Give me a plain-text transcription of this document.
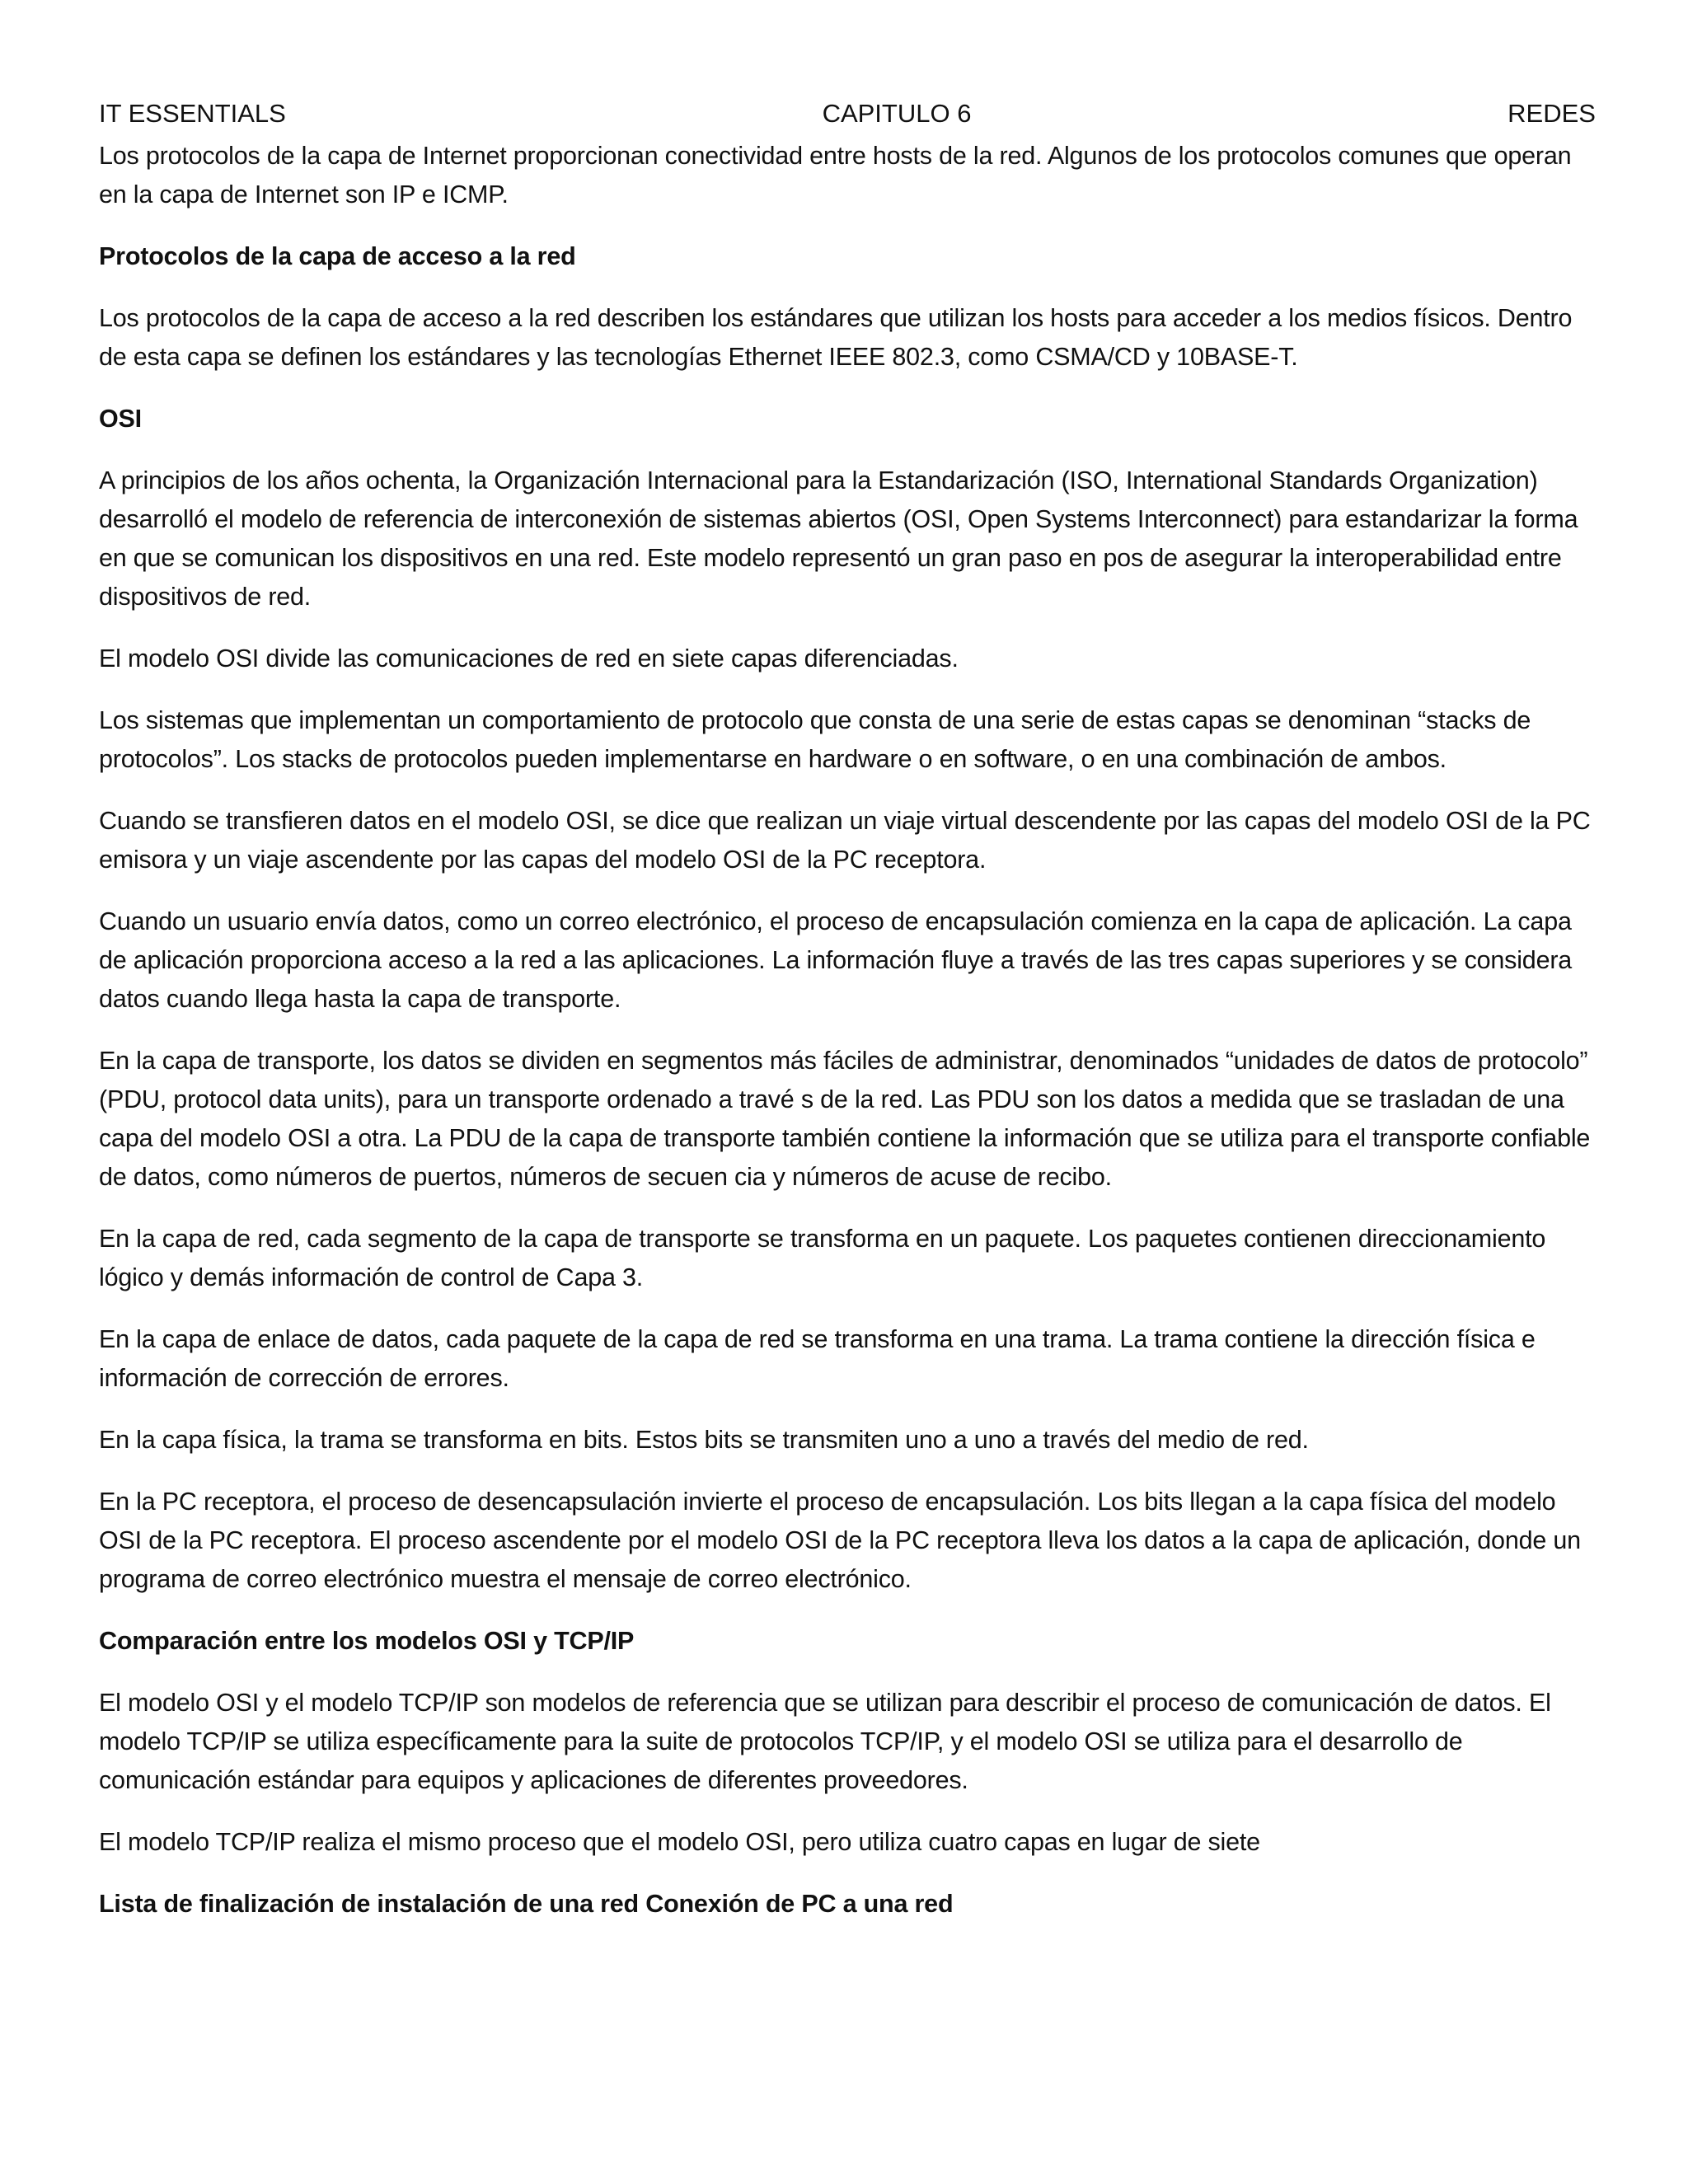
IT ESSENTIALS	CAPITULO 6	REDES

Los protocolos de la capa de Internet proporcionan conectividad entre hosts de la red. Algunos de los protocolos comunes que operan en la capa de Internet son IP e ICMP.

Protocolos de la capa de acceso a la red

Los protocolos de la capa de acceso a la red describen los estándares que utilizan los hosts para acceder a los medios físicos. Dentro de esta capa se definen los estándares y las tecnologías Ethernet IEEE 802.3, como CSMA/CD y 10BASE-T.

OSI

A principios de los años ochenta, la Organización Internacional para la Estandarización (ISO, International Standards Organization) desarrolló el modelo de referencia de interconexión de sistemas abiertos (OSI, Open Systems Interconnect) para estandarizar la forma en que se comunican los dispositivos en una red. Este modelo representó un gran paso en pos de asegurar la interoperabilidad entre dispositivos de red.

El modelo OSI divide las comunicaciones de red en siete capas diferenciadas.

Los sistemas que implementan un comportamiento de protocolo que consta de una serie de estas capas se denominan “stacks de protocolos”. Los stacks de protocolos pueden implementarse en hardware o en software, o en una combinación de ambos.

Cuando se transfieren datos en el modelo OSI, se dice que realizan un viaje virtual descendente por las capas del modelo OSI de la PC emisora y un viaje ascendente por las capas del modelo OSI de la PC receptora.

Cuando un usuario envía datos, como un correo electrónico, el proceso de encapsulación comienza en la capa de aplicación. La capa de aplicación proporciona acceso a la red a las aplicaciones. La información fluye a través de las tres capas superiores y se considera datos cuando llega hasta la capa de transporte.

En la capa de transporte, los datos se dividen en segmentos más fáciles de administrar, denominados “unidades de datos de protocolo” (PDU, protocol data units), para un transporte ordenado a travé s de la red. Las PDU son los datos a medida que se trasladan de una capa del modelo OSI a otra. La PDU de la capa de transporte también contiene la información que se utiliza para el transporte confiable de datos, como números de puertos, números de secuen cia y números de acuse de recibo.

En la capa de red, cada segmento de la capa de transporte se transforma en un paquete. Los paquetes contienen direccionamiento lógico y demás información de control de Capa 3.

En la capa de enlace de datos, cada paquete de la capa de red se transforma en una trama. La trama contiene la dirección física e información de corrección de errores.

En la capa física, la trama se transforma en bits. Estos bits se transmiten uno a uno a través del medio de red.

En la PC receptora, el proceso de desencapsulación invierte el proceso de encapsulación. Los bits llegan a la capa física del modelo OSI de la PC receptora. El proceso ascendente por el modelo OSI de la PC receptora lleva los datos a la capa de aplicación, donde un programa de correo electrónico muestra el mensaje de correo electrónico.

Comparación entre los modelos OSI y TCP/IP

El modelo OSI y el modelo TCP/IP son modelos de referencia que se utilizan para describir el proceso de comunicación de datos. El modelo TCP/IP se utiliza específicamente para la suite de protocolos TCP/IP, y el modelo OSI se utiliza para el desarrollo de comunicación estándar para equipos y aplicaciones de diferentes proveedores.

El modelo TCP/IP realiza el mismo proceso que el modelo OSI, pero utiliza cuatro capas en lugar de siete

Lista de finalización de instalación de una red Conexión de PC a una red
